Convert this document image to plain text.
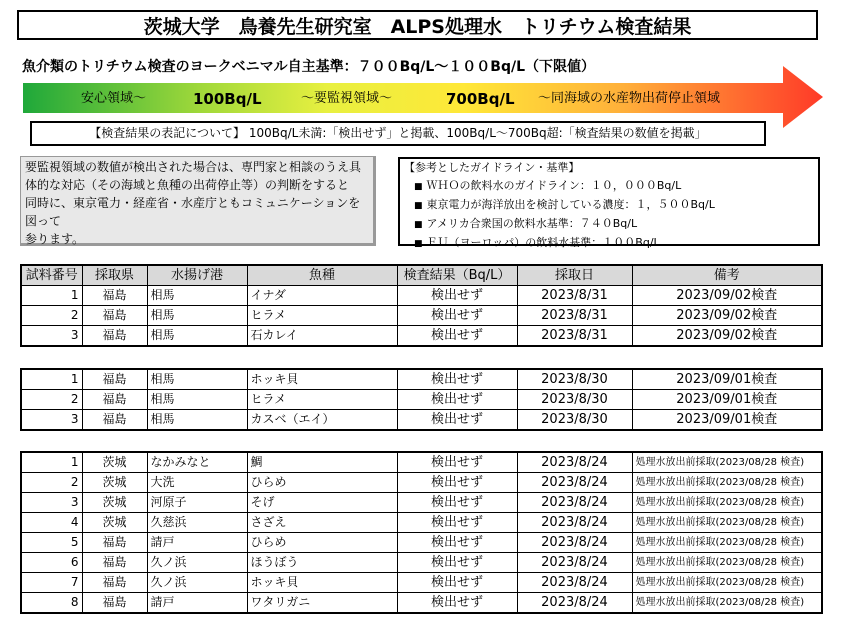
茨城大学　鳥養先生研究室　ALPS処理水　トリチウム検査結果
魚介類のトリチウム検査のヨークベニマル自主基準：７００Bq/L～１００Bq/L（下限値）
安心領域～	100Bq/L	～要監視領域～	700Bq/L ～同海域の水産物出荷停止領域
【検査結果の表記について】 100Bq/L未満:「検出せず」と掲載、100Bq/L～700Bq超:「検査結果の数値を掲載」
要監視領域の数値が検出された場合は、専門家と相談のうえ具
体的な対応（その海域と魚種の出荷停止等）の判断をすると
同時に、東京電力・経産省・水産庁ともコミュニケーションを図って
参ります。
【参考としたガイドライン・基準】
■ ＷＨＯの飲料水のガイドライン：１０，０００Bq/L
■ 東京電力が海洋放出を検討している濃度：１，５００Bq/L
■ アメリカ合衆国の飲料水基準：７４０Bq/L
■ ＥＵ（ヨーロッパ）の飲料水基準：１００Bq/L
試料番号	採取県	水揚げ港	魚種	検査結果（Bq/L）	採取日	備考
1	福島	相馬	イナダ	検出せず	2023/8/31	2023/09/02検査
2	福島	相馬	ヒラメ	検出せず	2023/8/31	2023/09/02検査
3	福島	相馬	石カレイ	検出せず	2023/8/31	2023/09/02検査
1	福島	相馬	ホッキ貝	検出せず	2023/8/30	2023/09/01検査
2	福島	相馬	ヒラメ	検出せず	2023/8/30	2023/09/01検査
3	福島	相馬	カスベ（エイ）	検出せず	2023/8/30	2023/09/01検査
1	茨城	なかみなと	鯛	検出せず	2023/8/24	処理水放出前採取(2023/08/28 検査)
2	茨城	大洗	ひらめ	検出せず	2023/8/24	処理水放出前採取(2023/08/28 検査)
3	茨城	河原子	そげ	検出せず	2023/8/24	処理水放出前採取(2023/08/28 検査)
4	茨城	久慈浜	さざえ	検出せず	2023/8/24	処理水放出前採取(2023/08/28 検査)
5	福島	請戸	ひらめ	検出せず	2023/8/24	処理水放出前採取(2023/08/28 検査)
6	福島	久ノ浜	ほうぼう	検出せず	2023/8/24	処理水放出前採取(2023/08/28 検査)
7	福島	久ノ浜	ホッキ貝	検出せず	2023/8/24	処理水放出前採取(2023/08/28 検査)
8	福島	請戸	ワタリガニ	検出せず	2023/8/24	処理水放出前採取(2023/08/28 検査)
